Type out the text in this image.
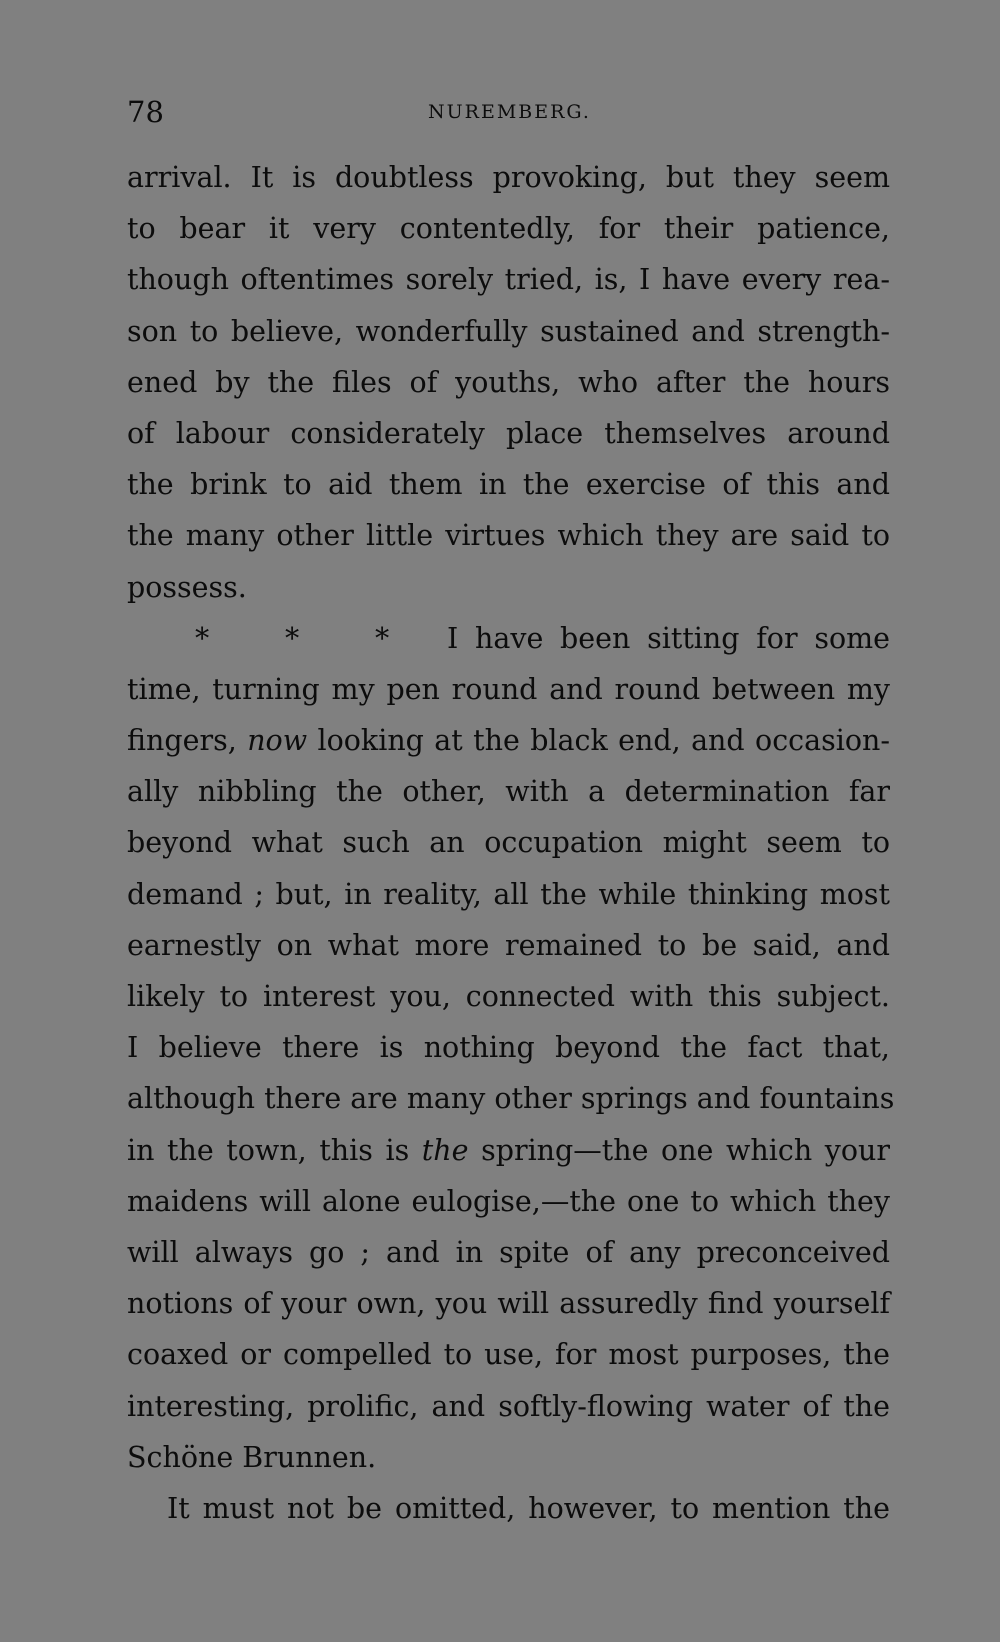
78	NUREMBERG.
arrival. It is doubtless provoking, but they seem
to bear it very contentedly, for their patience,
though oftentimes sorely tried, is, I have every rea-
son to believe, wonderfully sustained and strength-
ened by the files of youths, who after the hours
of labour considerately place themselves around
the brink to aid them in the exercise of this and
the many other little virtues which they are said to
possess.
*	*	* I have been sitting for some
time, turning my pen round and round between my
fingers, now looking at the black end, and occasion-
ally nibbling the other, with a determination far
beyond what such an occupation might seem to
demand ; but, in reality, all the while thinking most
earnestly on what more remained to be said, and
likely to interest you, connected with this subject.
I believe there is nothing beyond the fact that,
although there are many other springs and fountains
in the town, this is the spring—the one which your
maidens will alone eulogise,—the one to which they
will always go ; and in spite of any preconceived
notions of your own, you will assuredly find yourself
coaxed or compelled to use, for most purposes, the
interesting, prolific, and softly-flowing water of the
Schöne Brunnen.
It must not be omitted, however, to mention the
